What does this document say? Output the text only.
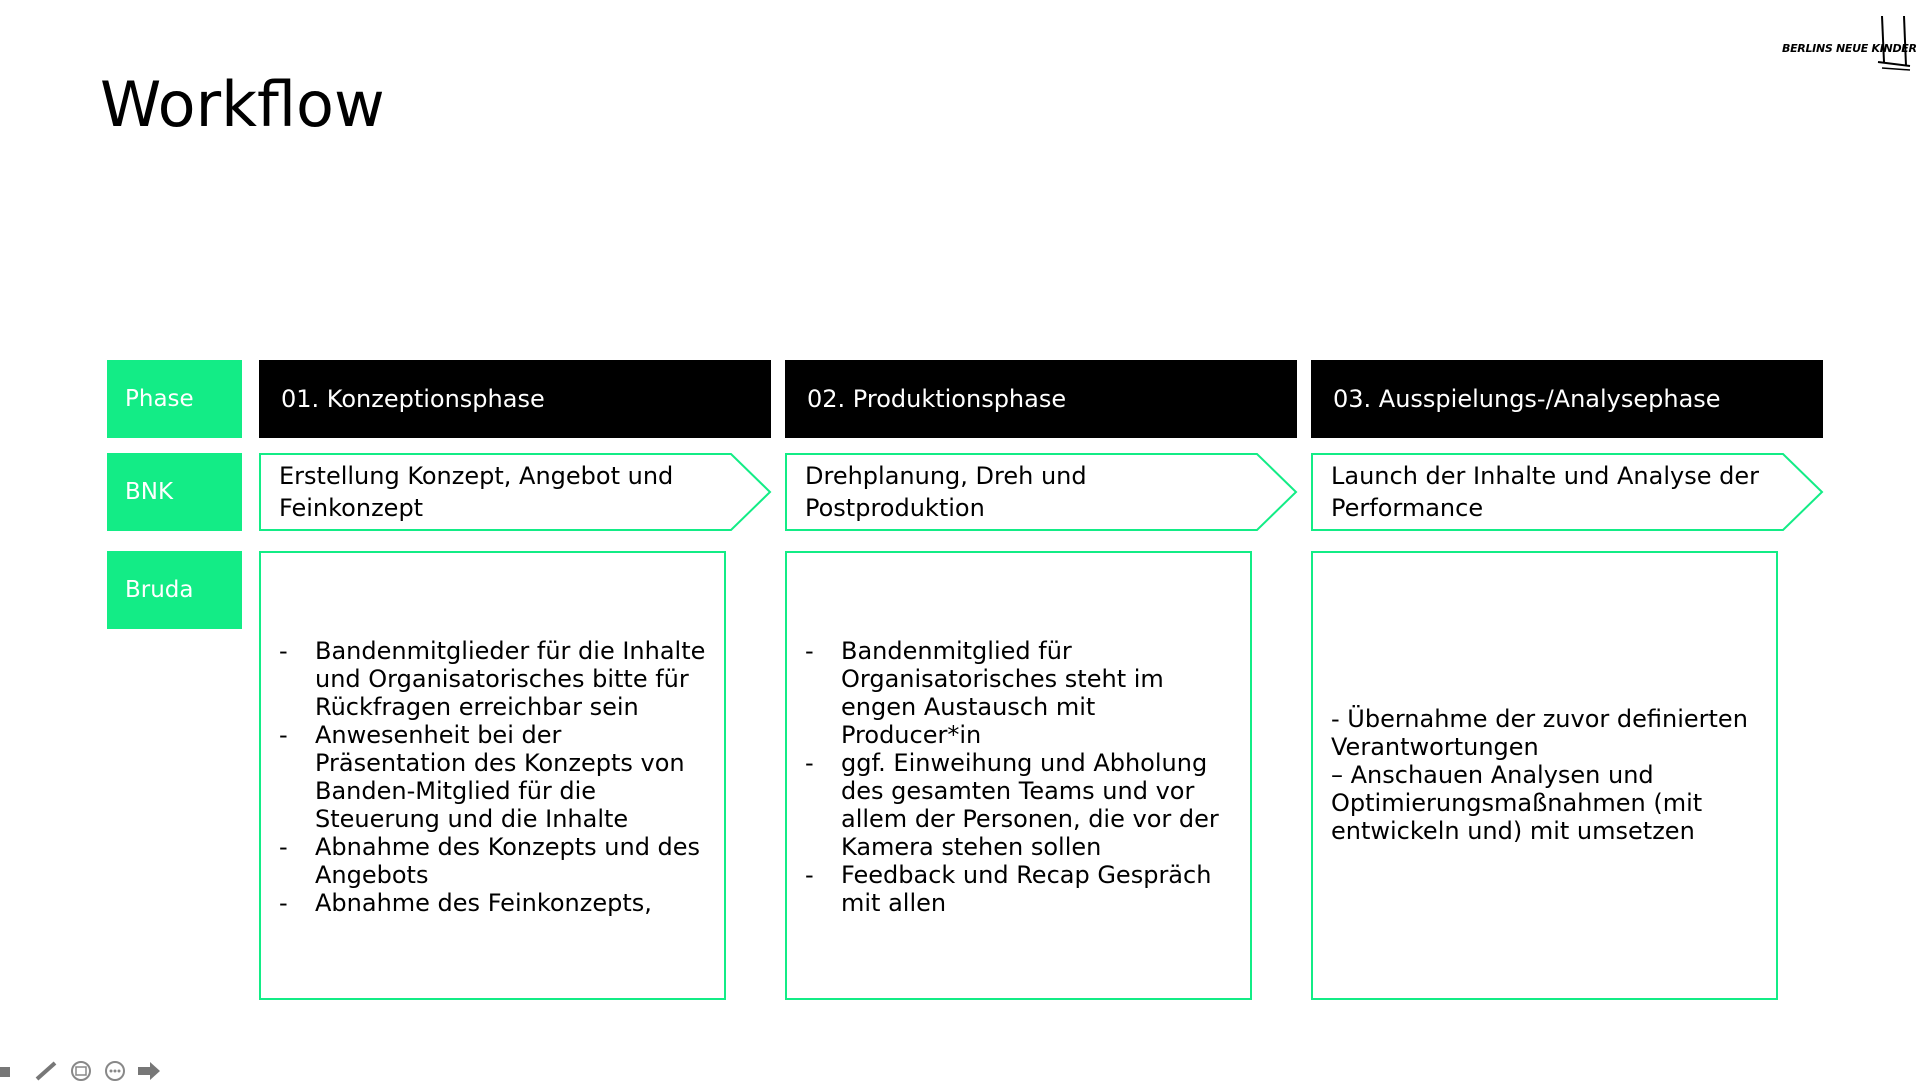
Workflow
BERLINS NEUE KINDER
Phase
BNK
Bruda
01. Konzeptionsphase	02. Produktionsphase	03. Ausspielungs-/Analysephase
Erstellung Konzept, Angebot und Feinkonzept
Drehplanung, Dreh und Postproduktion
Launch der Inhalte und Analyse der Performance
- Bandenmitglieder für die Inhalte und Organisatorisches bitte für Rückfragen erreichbar sein
- Anwesenheit bei der Präsentation des Konzepts von Banden-Mitglied für die Steuerung und die Inhalte
- Abnahme des Konzepts und des Angebots
- Abnahme des Feinkonzepts,
- Bandenmitglied für Organisatorisches steht im engen Austausch mit Producer*in
- ggf. Einweihung und Abholung des gesamten Teams und vor allem der Personen, die vor der Kamera stehen sollen
- Feedback und Recap Gespräch mit allen
- Übernahme der zuvor definierten Verantwortungen
– Anschauen Analysen und Optimierungsmaßnahmen (mit entwickeln und) mit umsetzen
